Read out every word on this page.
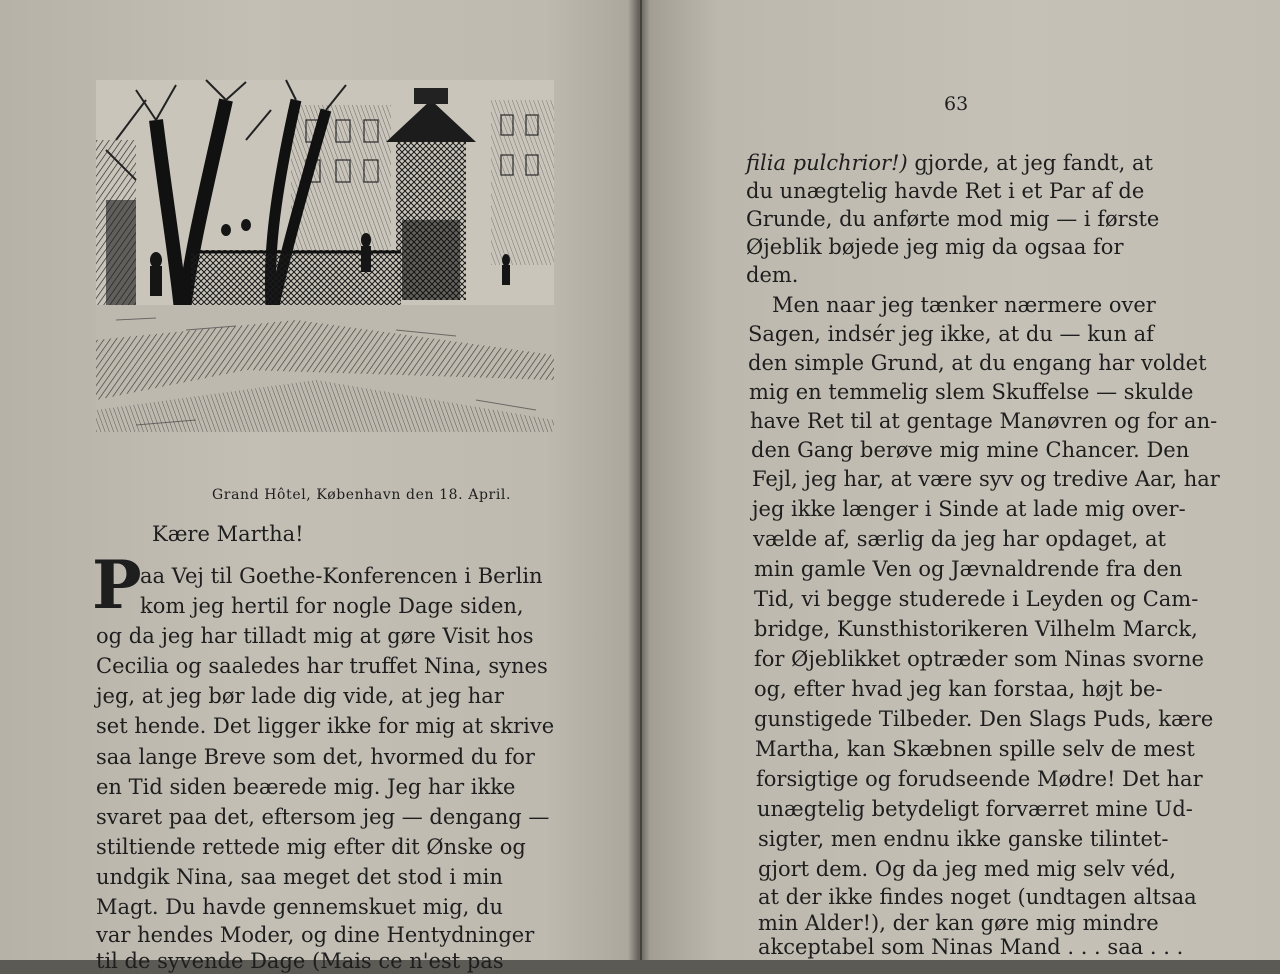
Grand Hôtel, København den 18. April.
Kære Martha!
P
aa Vej til Goethe-Konferencen i Berlin
kom jeg hertil for nogle Dage siden,
og da jeg har tilladt mig at gøre Visit hos
Cecilia og saaledes har truffet Nina, synes
jeg, at jeg bør lade dig vide, at jeg har
set hende. Det ligger ikke for mig at skrive
saa lange Breve som det, hvormed du for
en Tid siden beærede mig. Jeg har ikke
svaret paa det, eftersom jeg — dengang —
stiltiende rettede mig efter dit Ønske og
undgik Nina, saa meget det stod i min
Magt. Du havde gennemskuet mig, du
var hendes Moder, og dine Hentydninger
til de syvende Dage (Mais ce n'est pas
63
filia pulchrior!) gjorde, at jeg fandt, at
du unægtelig havde Ret i et Par af de
Grunde, du anførte mod mig — i første
Øjeblik bøjede jeg mig da ogsaa for
dem.
Men naar jeg tænker nærmere over
Sagen, indsér jeg ikke, at du — kun af
den simple Grund, at du engang har voldet
mig en temmelig slem Skuffelse — skulde
have Ret til at gentage Manøvren og for an-
den Gang berøve mig mine Chancer. Den
Fejl, jeg har, at være syv og tredive Aar, har
jeg ikke længer i Sinde at lade mig over-
vælde af, særlig da jeg har opdaget, at
min gamle Ven og Jævnaldrende fra den
Tid, vi begge studerede i Leyden og Cam-
bridge, Kunsthistorikeren Vilhelm Marck,
for Øjeblikket optræder som Ninas svorne
og, efter hvad jeg kan forstaa, højt be-
gunstigede Tilbeder. Den Slags Puds, kære
Martha, kan Skæbnen spille selv de mest
forsigtige og forudseende Mødre! Det har
unægtelig betydeligt forværret mine Ud-
sigter, men endnu ikke ganske tilintet-
gjort dem. Og da jeg med mig selv véd,
at der ikke findes noget (undtagen altsaa
min Alder!), der kan gøre mig mindre
akceptabel som Ninas Mand . . . saa . . .
